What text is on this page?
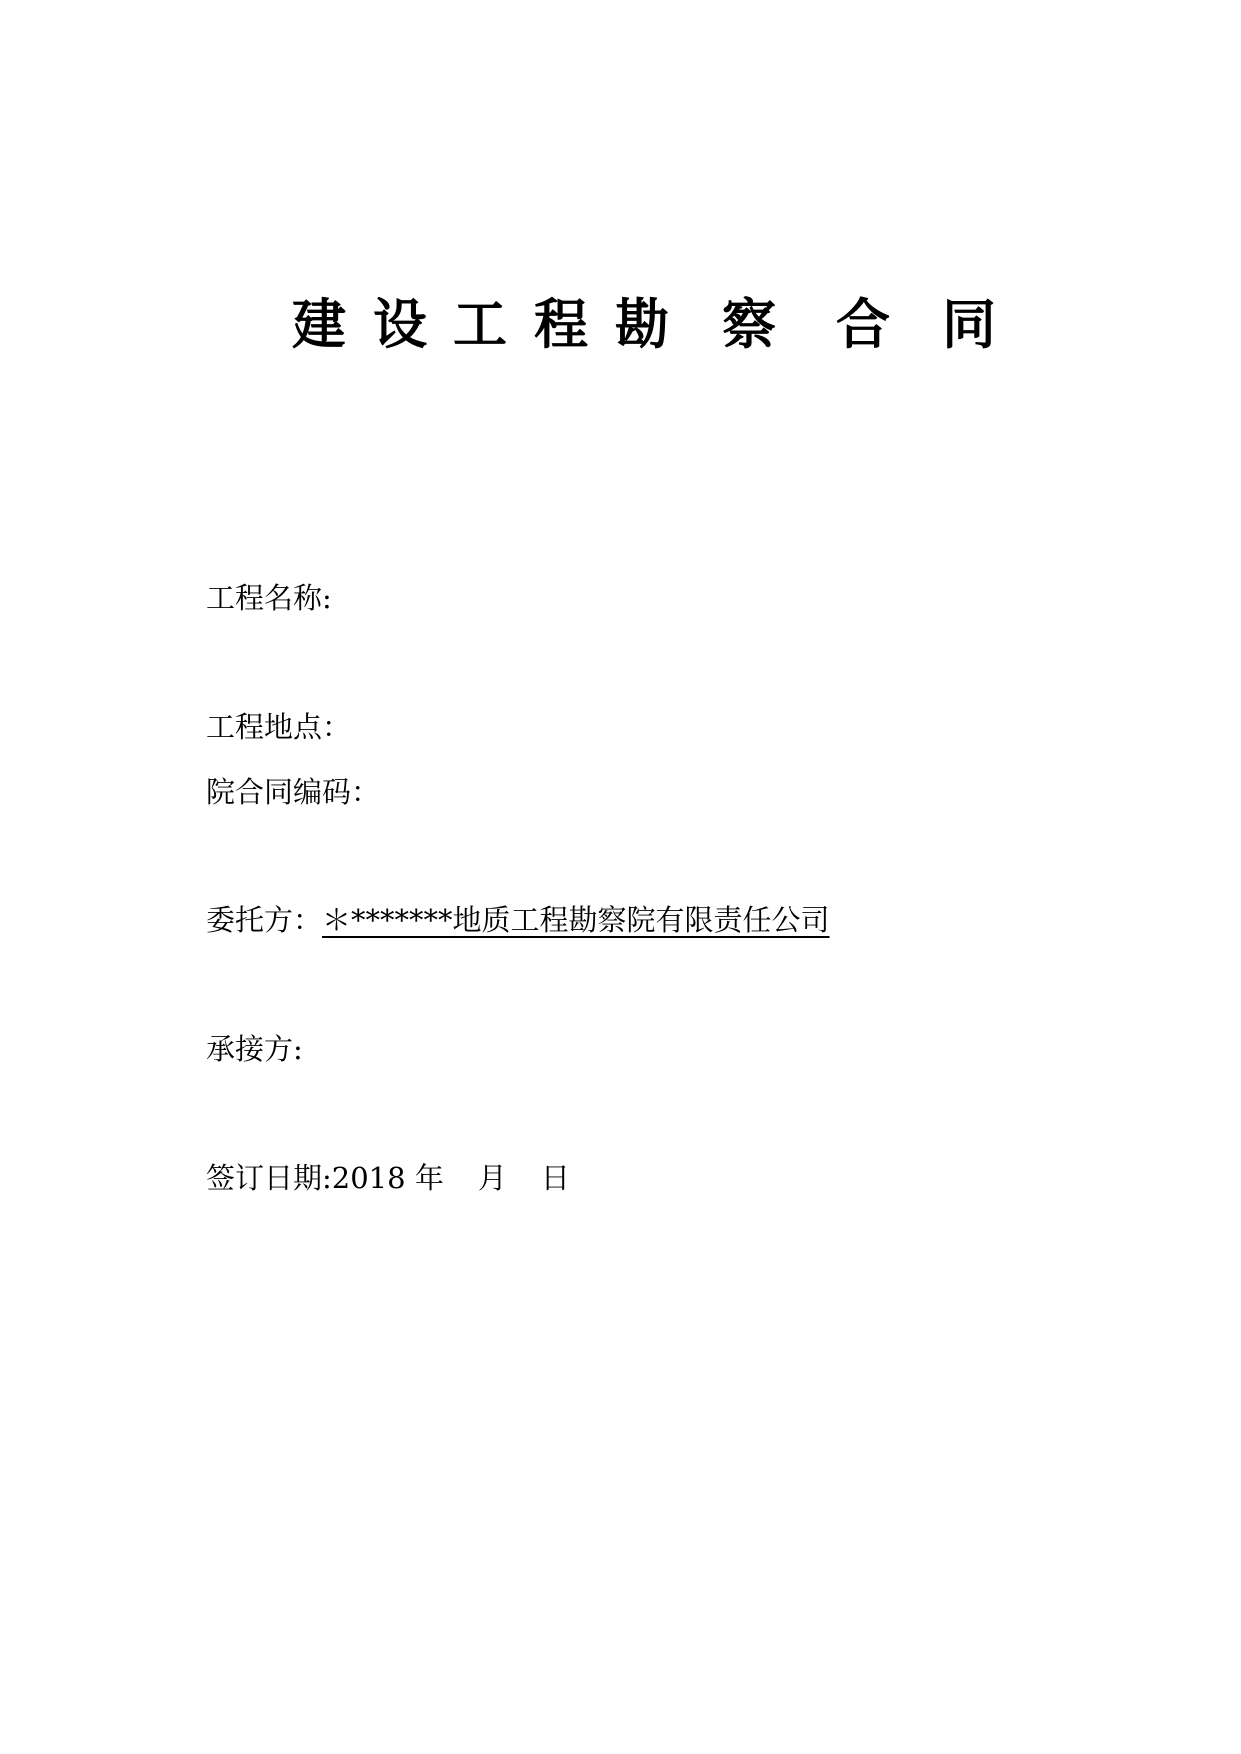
建 设 工 程 勘 察 合 同
工程名称:
工程地点：
院合同编码：
委托方：＊*******地质工程勘察院有限责任公司
承接方:
签订日期:2018 年 月 日
